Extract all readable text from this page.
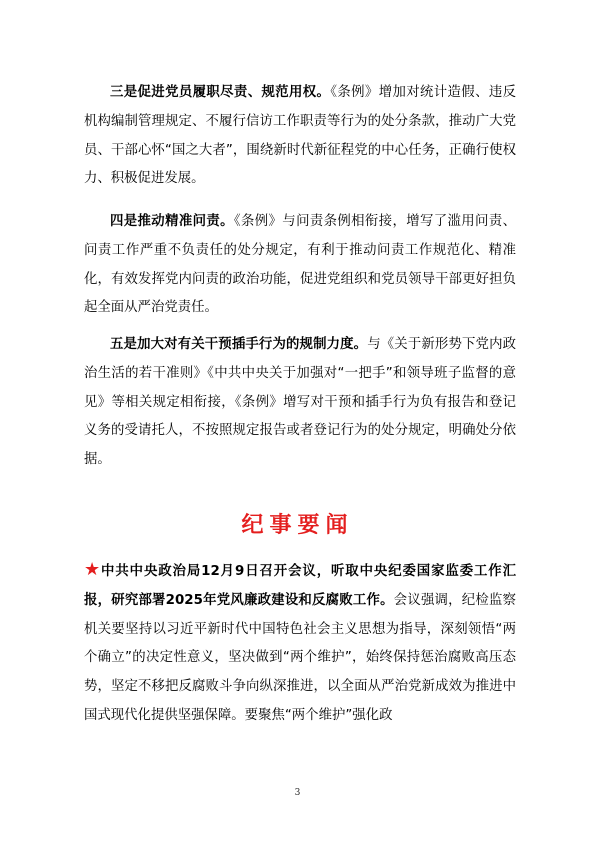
三是促进党员履职尽责、规范用权。《条例》增加对统计造假、违反机构编制管理规定、不履行信访工作职责等行为的处分条款，推动广大党员、干部心怀“国之大者”，围绕新时代新征程党的中心任务，正确行使权力、积极促进发展。

四是推动精准问责。《条例》与问责条例相衔接，增写了滥用问责、问责工作严重不负责任的处分规定，有利于推动问责工作规范化、精准化，有效发挥党内问责的政治功能，促进党组织和党员领导干部更好担负起全面从严治党责任。

五是加大对有关干预插手行为的规制力度。与《关于新形势下党内政治生活的若干准则》《中共中央关于加强对“一把手”和领导班子监督的意见》等相关规定相衔接，《条例》增写对干预和插手行为负有报告和登记义务的受请托人，不按照规定报告或者登记行为的处分规定，明确处分依据。

纪事要闻

★中共中央政治局12月9日召开会议，听取中央纪委国家监委工作汇报，研究部署2025年党风廉政建设和反腐败工作。会议强调，纪检监察机关要坚持以习近平新时代中国特色社会主义思想为指导，深刻领悟“两个确立”的决定性意义，坚决做到“两个维护”，始终保持惩治腐败高压态势，坚定不移把反腐败斗争向纵深推进，以全面从严治党新成效为推进中国式现代化提供坚强保障。要聚焦“两个维护”强化政

3
